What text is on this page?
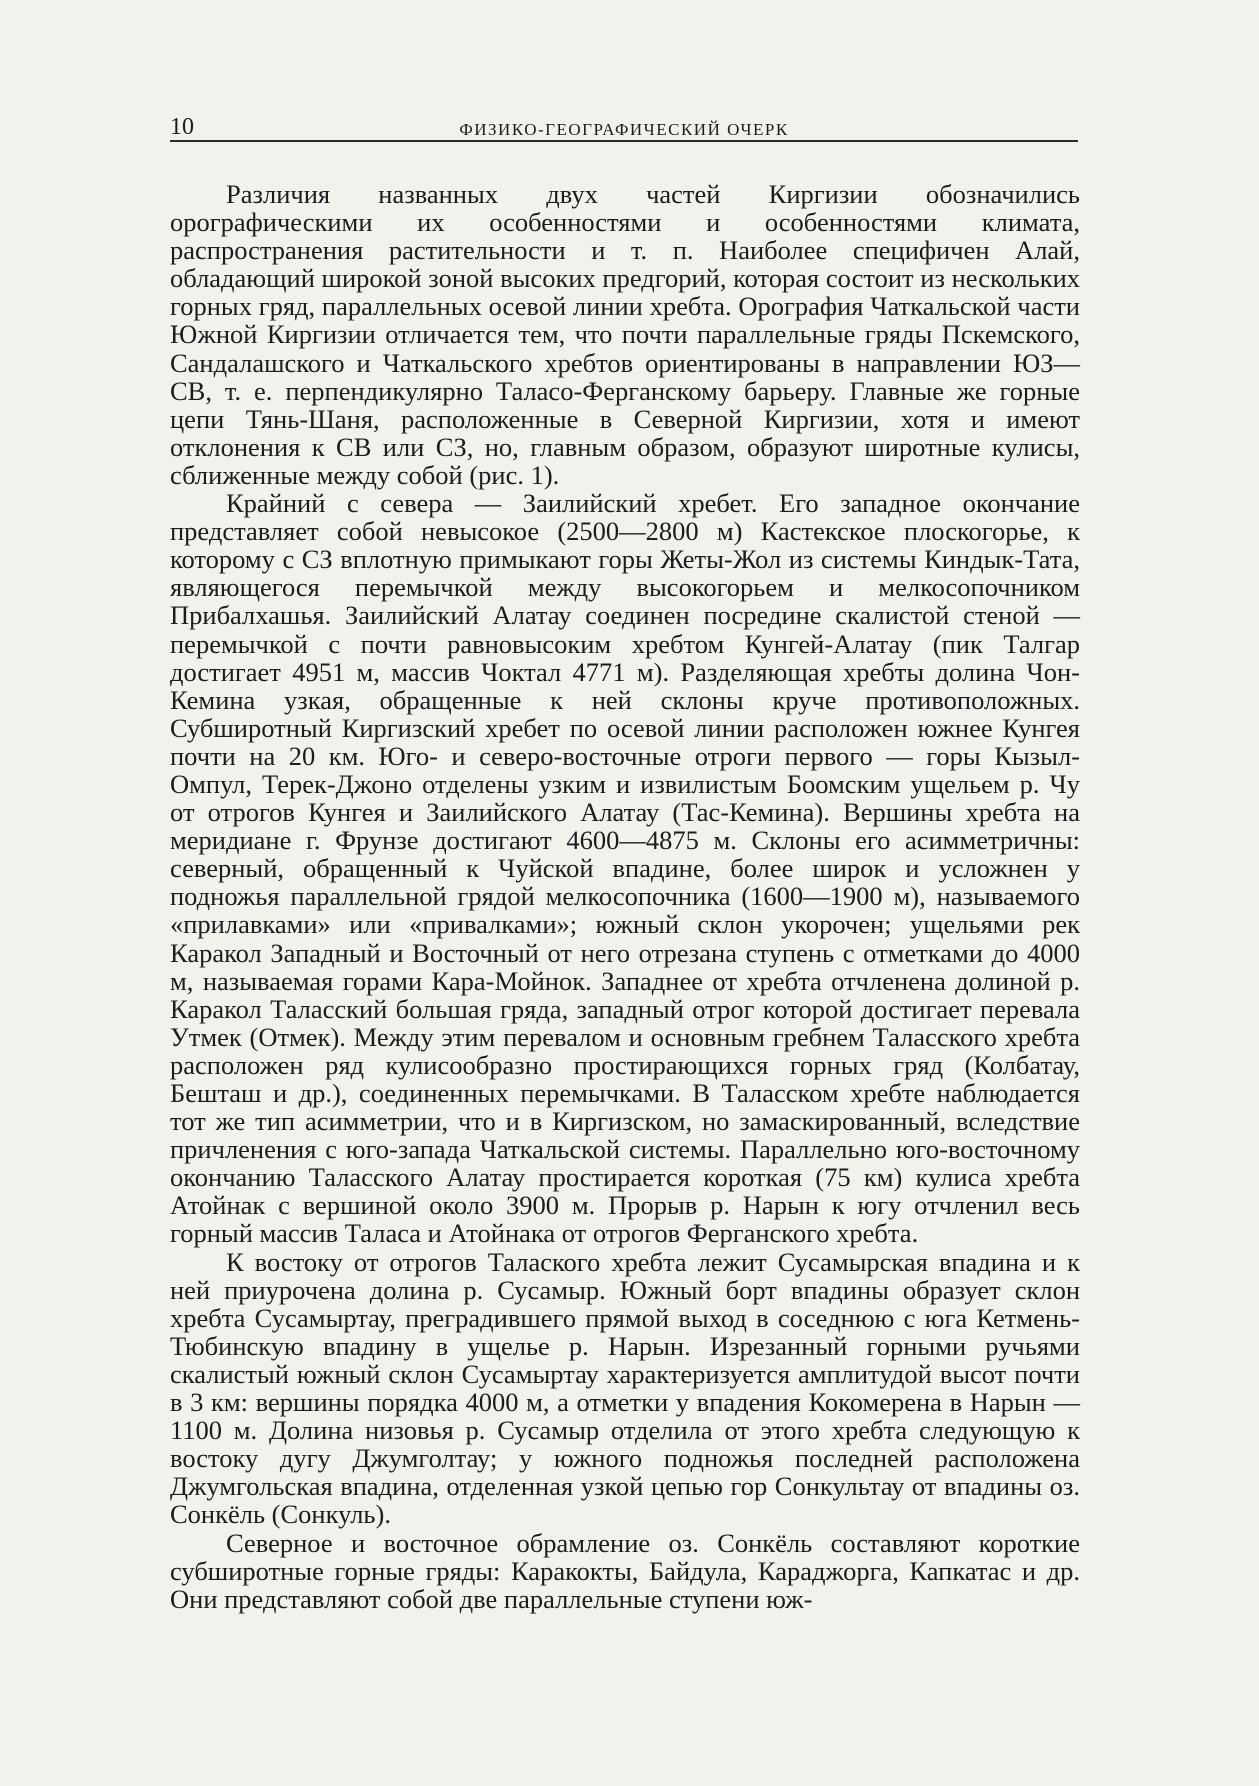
10	ФИЗИКО-ГЕОГРАФИЧЕСКИЙ ОЧЕРК

Различия названных двух частей Киргизии обозначились орографическими их особенностями и особенностями климата, распространения растительности и т. п. Наиболее специфичен Алай, обладающий широкой зоной высоких предгорий, которая состоит из нескольких горных гряд, параллельных осевой линии хребта. Орография Чаткальской части Южной Киргизии отличается тем, что почти параллельные гряды Пскемского, Сандалашского и Чаткальского хребтов ориентированы в направлении ЮЗ—СВ, т. е. перпендикулярно Таласо-Ферганскому барьеру. Главные же горные цепи Тянь-Шаня, расположенные в Северной Киргизии, хотя и имеют отклонения к СВ или СЗ, но, главным образом, образуют широтные кулисы, сближенные между собой (рис. 1).

Крайний с севера — Заилийский хребет. Его западное окончание представляет собой невысокое (2500—2800 м) Кастекское плоскогорье, к которому с СЗ вплотную примыкают горы Жеты-Жол из системы Киндык-Тата, являющегося перемычкой между высокогорьем и мелкосопочником Прибалхашья. Заилийский Алатау соединен посредине скалистой стеной — перемычкой с почти равновысоким хребтом Кунгей-Алатау (пик Талгар достигает 4951 м, массив Чоктал 4771 м). Разделяющая хребты долина Чон-Кемина узкая, обращенные к ней склоны круче противоположных. Субширотный Киргизский хребет по осевой линии расположен южнее Кунгея почти на 20 км. Юго- и северо-восточные отроги первого — горы Кызыл-Омпул, Терек-Джоно отделены узким и извилистым Боомским ущельем р. Чу от отрогов Кунгея и Заилийского Алатау (Тас-Кемина). Вершины хребта на меридиане г. Фрунзе достигают 4600—4875 м. Склоны его асимметричны: северный, обращенный к Чуйской впадине, более широк и усложнен у подножья параллельной грядой мелкосопочника (1600—1900 м), называемого «прилавками» или «привалками»; южный склон укорочен; ущельями рек Каракол Западный и Восточный от него отрезана ступень с отметками до 4000 м, называемая горами Кара-Мойнок. Западнее от хребта отчленена долиной р. Каракол Таласский большая гряда, западный отрог которой достигает перевала Утмек (Отмек). Между этим перевалом и основным гребнем Таласского хребта расположен ряд кулисообразно простирающихся горных гряд (Колбатау, Бешташ и др.), соединенных перемычками. В Таласском хребте наблюдается тот же тип асимметрии, что и в Киргизском, но замаскированный, вследствие причленения с юго-запада Чаткальской системы. Параллельно юго-восточному окончанию Таласского Алатау простирается короткая (75 км) кулиса хребта Атойнак с вершиной около 3900 м. Прорыв р. Нарын к югу отчленил весь горный массив Таласа и Атойнака от отрогов Ферганского хребта.

К востоку от отрогов Талаского хребта лежит Сусамырская впадина и к ней приурочена долина р. Сусамыр. Южный борт впадины образует склон хребта Сусамыртау, преградившего прямой выход в соседнюю с юга Кетмень-Тюбинскую впадину в ущелье р. Нарын. Изрезанный горными ручьями скалистый южный склон Сусамыртау характеризуется амплитудой высот почти в 3 км: вершины порядка 4000 м, а отметки у впадения Кокомерена в Нарын — 1100 м. Долина низовья р. Сусамыр отделила от этого хребта следующую к востоку дугу Джумголтау; у южного подножья последней расположена Джумгольская впадина, отделенная узкой цепью гор Сонкультау от впадины оз. Сонкёль (Сонкуль).

Северное и восточное обрамление оз. Сонкёль составляют короткие субширотные горные гряды: Каракокты, Байдула, Караджорга, Капкатас и др. Они представляют собой две параллельные ступени юж-
